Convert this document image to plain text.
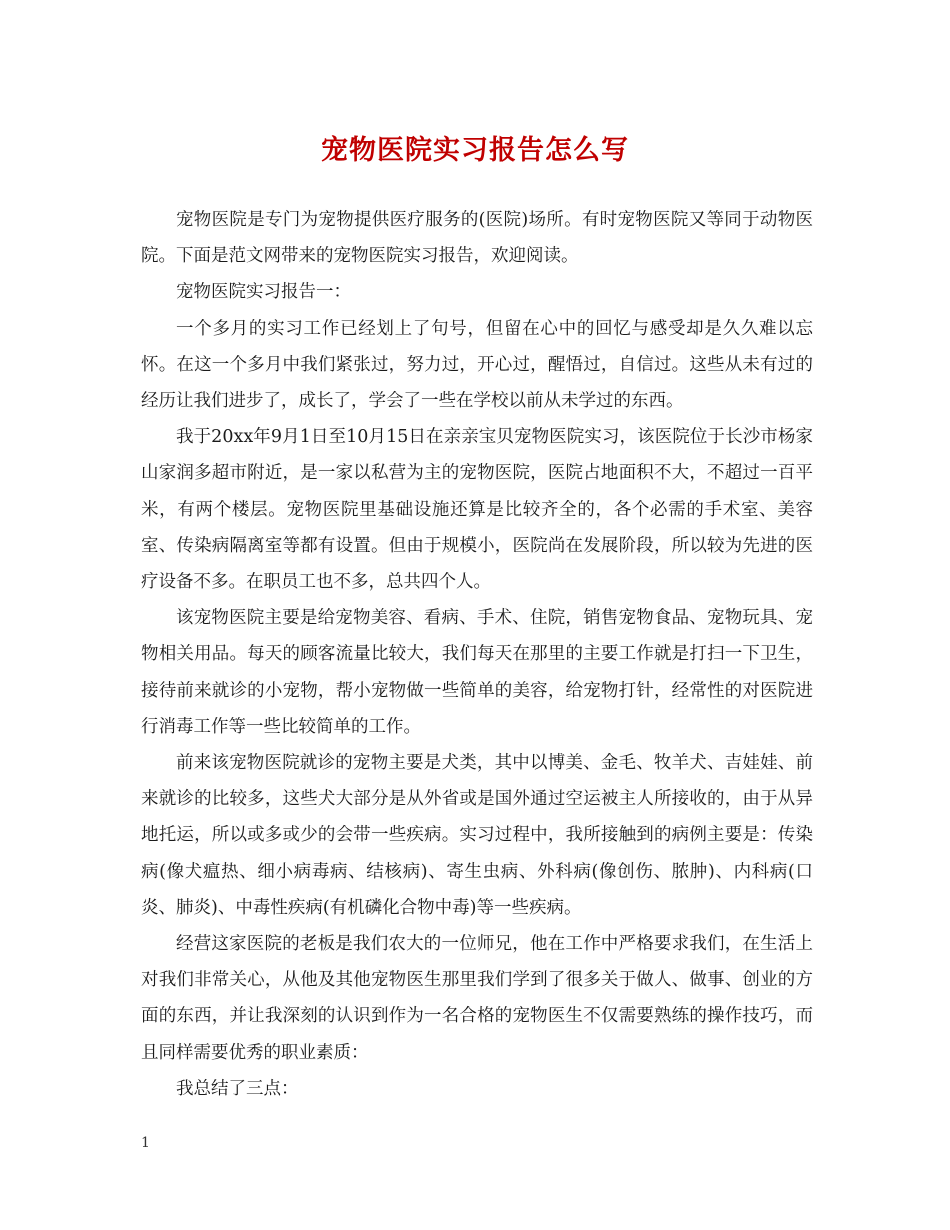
宠物医院实习报告怎么写

宠物医院是专门为宠物提供医疗服务的(医院)场所。有时宠物医院又等同于动物医院。下面是范文网带来的宠物医院实习报告，欢迎阅读。

宠物医院实习报告一：

一个多月的实习工作已经划上了句号，但留在心中的回忆与感受却是久久难以忘怀。在这一个多月中我们紧张过，努力过，开心过，醒悟过，自信过。这些从未有过的经历让我们进步了，成长了，学会了一些在学校以前从未学过的东西。

我于20xx年9月1日至10月15日在亲亲宝贝宠物医院实习，该医院位于长沙市杨家山家润多超市附近，是一家以私营为主的宠物医院，医院占地面积不大，不超过一百平米，有两个楼层。宠物医院里基础设施还算是比较齐全的，各个必需的手术室、美容室、传染病隔离室等都有设置。但由于规模小，医院尚在发展阶段，所以较为先进的医疗设备不多。在职员工也不多，总共四个人。

该宠物医院主要是给宠物美容、看病、手术、住院，销售宠物食品、宠物玩具、宠物相关用品。每天的顾客流量比较大，我们每天在那里的主要工作就是打扫一下卫生，接待前来就诊的小宠物，帮小宠物做一些简单的美容，给宠物打针，经常性的对医院进行消毒工作等一些比较简单的工作。

前来该宠物医院就诊的宠物主要是犬类，其中以博美、金毛、牧羊犬、吉娃娃、前来就诊的比较多，这些犬大部分是从外省或是国外通过空运被主人所接收的，由于从异地托运，所以或多或少的会带一些疾病。实习过程中，我所接触到的病例主要是：传染病(像犬瘟热、细小病毒病、结核病)、寄生虫病、外科病(像创伤、脓肿)、内科病(口炎、肺炎)、中毒性疾病(有机磷化合物中毒)等一些疾病。

经营这家医院的老板是我们农大的一位师兄，他在工作中严格要求我们，在生活上对我们非常关心，从他及其他宠物医生那里我们学到了很多关于做人、做事、创业的方面的东西，并让我深刻的认识到作为一名合格的宠物医生不仅需要熟练的操作技巧，而且同样需要优秀的职业素质：

我总结了三点：

1
